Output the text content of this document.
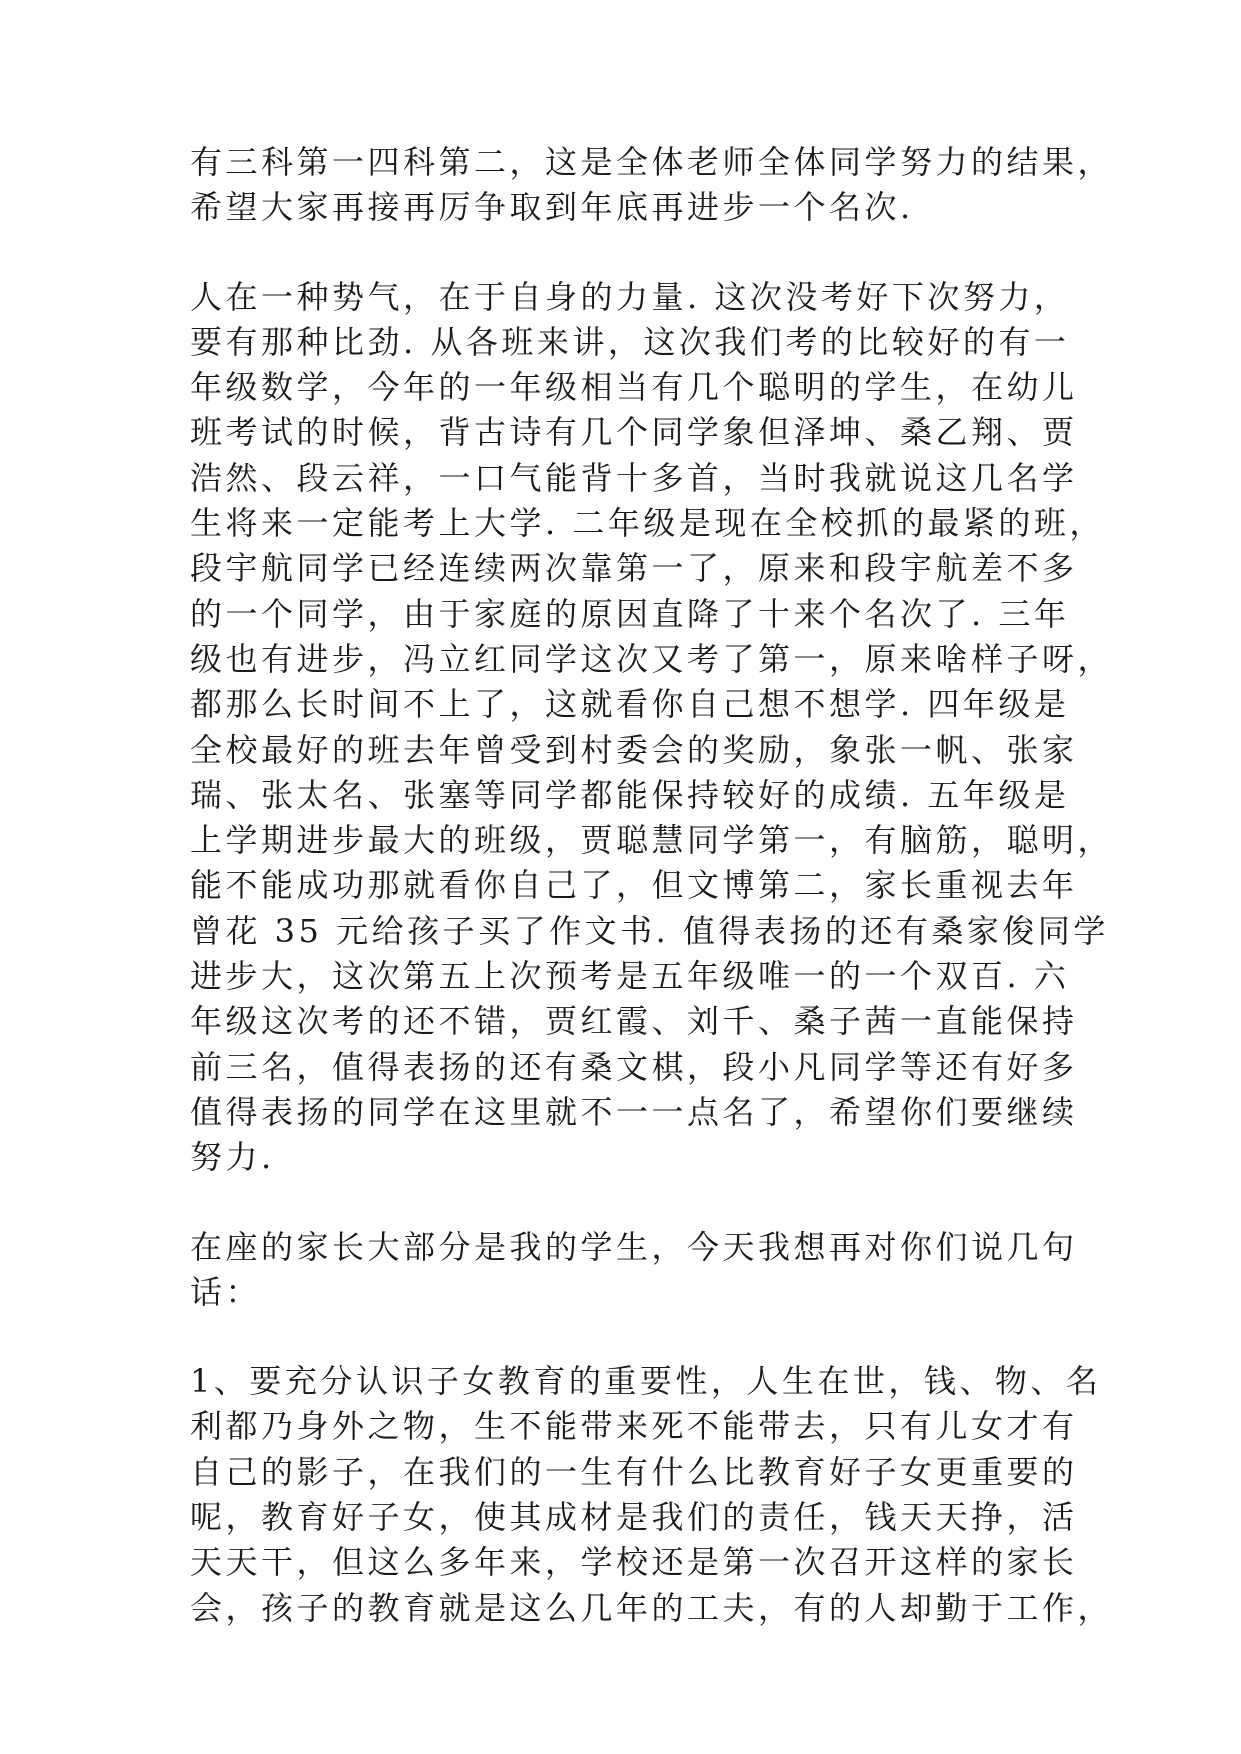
有三科第一四科第二，这是全体老师全体同学努力的结果，
希望大家再接再厉争取到年底再进步一个名次.
人在一种势气，在于自身的力量. 这次没考好下次努力，
要有那种比劲. 从各班来讲，这次我们考的比较好的有一
年级数学，今年的一年级相当有几个聪明的学生，在幼儿
班考试的时候，背古诗有几个同学象但泽坤、桑乙翔、贾
浩然、段云祥，一口气能背十多首，当时我就说这几名学
生将来一定能考上大学. 二年级是现在全校抓的最紧的班，
段宇航同学已经连续两次靠第一了，原来和段宇航差不多
的一个同学，由于家庭的原因直降了十来个名次了. 三年
级也有进步，冯立红同学这次又考了第一，原来啥样子呀，
都那么长时间不上了，这就看你自己想不想学. 四年级是
全校最好的班去年曾受到村委会的奖励，象张一帆、张家
瑞、张太名、张塞等同学都能保持较好的成绩. 五年级是
上学期进步最大的班级，贾聪慧同学第一，有脑筋，聪明，
能不能成功那就看你自己了，但文博第二，家长重视去年
曾花 35 元给孩子买了作文书. 值得表扬的还有桑家俊同学
进步大，这次第五上次预考是五年级唯一的一个双百. 六
年级这次考的还不错，贾红霞、刘千、桑子茜一直能保持
前三名，值得表扬的还有桑文棋，段小凡同学等还有好多
值得表扬的同学在这里就不一一点名了，希望你们要继续
努力.
在座的家长大部分是我的学生，今天我想再对你们说几句
话：
1、要充分认识子女教育的重要性，人生在世，钱、物、名
利都乃身外之物，生不能带来死不能带去，只有儿女才有
自己的影子，在我们的一生有什么比教育好子女更重要的
呢，教育好子女，使其成材是我们的责任，钱天天挣，活
天天干，但这么多年来，学校还是第一次召开这样的家长
会，孩子的教育就是这么几年的工夫，有的人却勤于工作，
